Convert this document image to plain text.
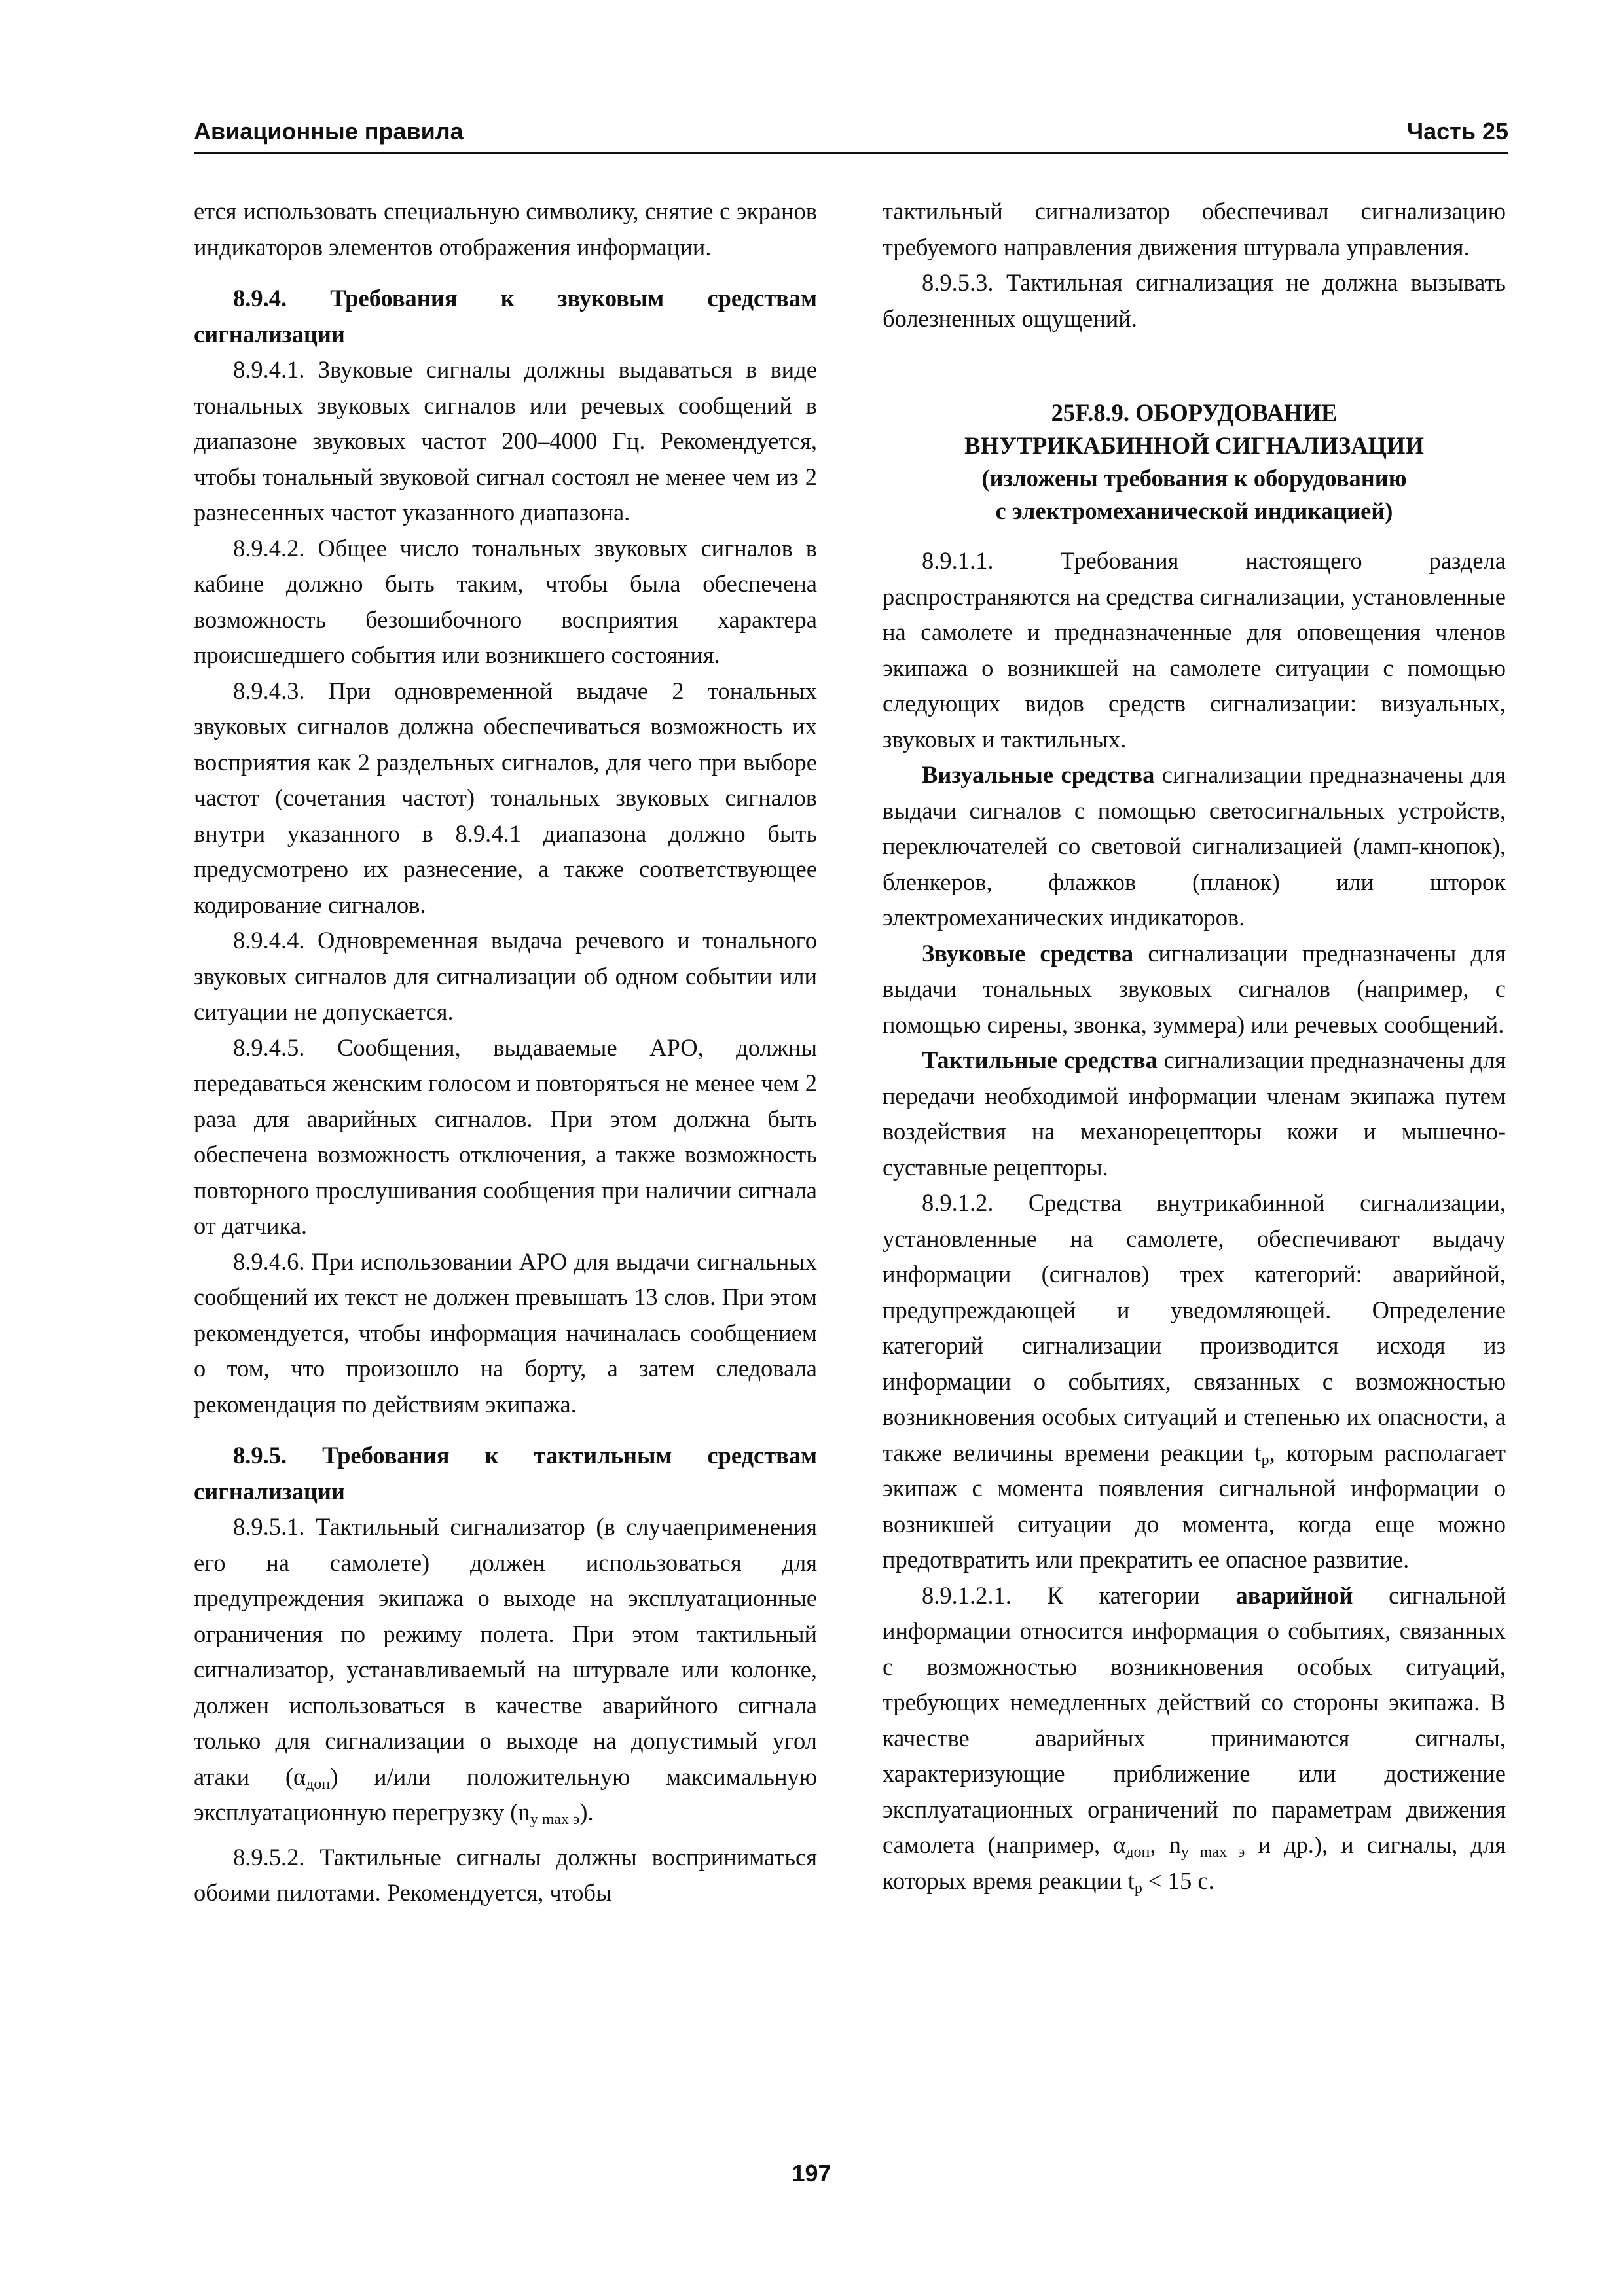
Авиационные правила	Часть 25

ется использовать специальную символику, снятие с экранов индикаторов элементов отображения информации.

8.9.4. Требования к звуковым средствам сигнализации

8.9.4.1. Звуковые сигналы должны выдаваться в виде тональных звуковых сигналов или речевых сообщений в диапазоне звуковых частот 200–4000 Гц. Рекомендуется, чтобы тональный звуковой сигнал состоял не менее чем из 2 разнесенных частот указанного диапазона.

8.9.4.2. Общее число тональных звуковых сигналов в кабине должно быть таким, чтобы была обеспечена возможность безошибочного восприятия характера происшедшего события или возникшего состояния.

8.9.4.3. При одновременной выдаче 2 тональных звуковых сигналов должна обеспечиваться возможность их восприятия как 2 раздельных сигналов, для чего при выборе частот (сочетания частот) тональных звуковых сигналов внутри указанного в 8.9.4.1 диапазона должно быть предусмотрено их разнесение, а также соответствующее кодирование сигналов.

8.9.4.4. Одновременная выдача речевого и тонального звуковых сигналов для сигнализации об одном событии или ситуации не допускается.

8.9.4.5. Сообщения, выдаваемые АРО, должны передаваться женским голосом и повторяться не менее чем 2 раза для аварийных сигналов. При этом должна быть обеспечена возможность отключения, а также возможность повторного прослушивания сообщения при наличии сигнала от датчика.

8.9.4.6. При использовании АРО для выдачи сигнальных сообщений их текст не должен превышать 13 слов. При этом рекомендуется, чтобы информация начиналась сообщением о том, что произошло на борту, а затем следовала рекомендация по действиям экипажа.

8.9.5. Требования к тактильным средствам сигнализации

8.9.5.1. Тактильный сигнализатор (в случаеприменения его на самолете) должен использоваться для предупреждения экипажа о выходе на эксплуатационные ограничения по режиму полета. При этом тактильный сигнализатор, устанавливаемый на штурвале или колонке, должен использоваться в качестве аварийного сигнала только для сигнализации о выходе на допустимый угол атаки $(\alpha_{доп})$ и/или положительную максимальную эксплуатационную перегрузку $(n_{y max э})$.

8.9.5.2. Тактильные сигналы должны восприниматься обоими пилотами. Рекомендуется, чтобы

тактильный сигнализатор обеспечивал сигнализацию требуемого направления движения штурвала управления.

8.9.5.3. Тактильная сигнализация не должна вызывать болезненных ощущений.

25F.8.9. ОБОРУДОВАНИЕ
ВНУТРИКАБИННОЙ СИГНАЛИЗАЦИИ
(изложены требования к оборудованию
с электромеханической индикацией)

8.9.1.1. Требования настоящего раздела распространяются на средства сигнализации, установленные на самолете и предназначенные для оповещения членов экипажа о возникшей на самолете ситуации с помощью следующих видов средств сигнализации: визуальных, звуковых и тактильных.

Визуальные средства сигнализации предназначены для выдачи сигналов с помощью светосигнальных устройств, переключателей со световой сигнализацией (ламп-кнопок), бленкеров, флажков (планок) или шторок электромеханических индикаторов.

Звуковые средства сигнализации предназначены для выдачи тональных звуковых сигналов (например, с помощью сирены, звонка, зуммера) или речевых сообщений.

Тактильные средства сигнализации предназначены для передачи необходимой информации членам экипажа путем воздействия на механорецепторы кожи и мышечно-суставные рецепторы.

8.9.1.2. Средства внутрикабинной сигнализации, установленные на самолете, обеспечивают выдачу информации (сигналов) трех категорий: аварийной, предупреждающей и уведомляющей. Определение категорий сигнализации производится исходя из информации о событиях, связанных с возможностью возникновения особых ситуаций и степенью их опасности, а также величины времени реакции $t_р$, которым располагает экипаж с момента появления сигнальной информации о возникшей ситуации до момента, когда еще можно предотвратить или прекратить ее опасное развитие.

8.9.1.2.1. К категории аварийной сигнальной информации относится информация о событиях, связанных с возможностью возникновения особых ситуаций, требующих немедленных действий со стороны экипажа. В качестве аварийных принимаются сигналы, характеризующие приближение или достижение эксплуатационных ограничений по параметрам движения самолета (например, $\alpha_{доп}$, $n_{y max э}$ и др.), и сигналы, для которых время реакции $t_р < 15$ с.

197
